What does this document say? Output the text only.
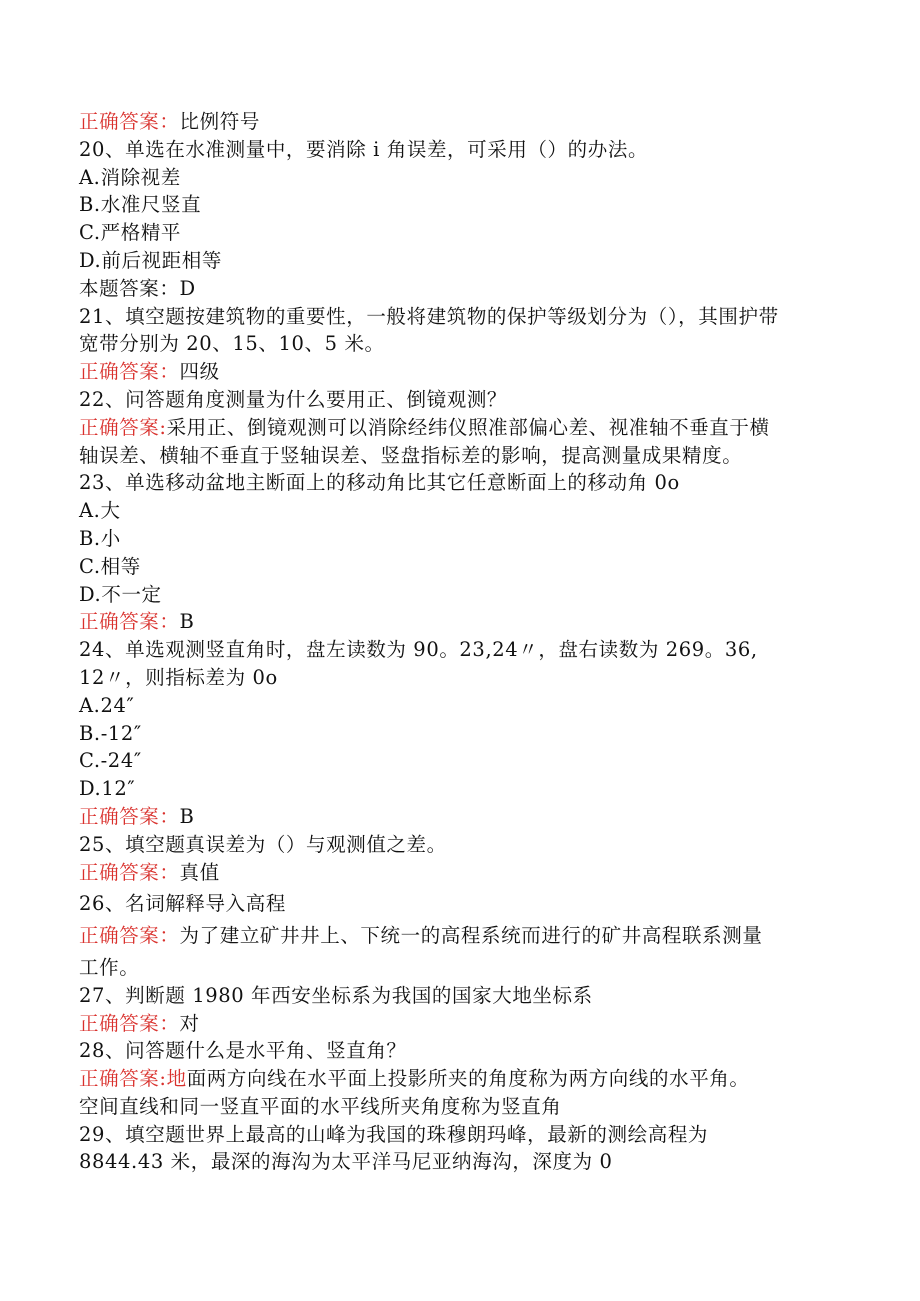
正确答案：比例符号

20、单选在水准测量中，要消除 i 角误差，可采用（）的办法。

A.消除视差

B.水准尺竖直

C.严格精平

D.前后视距相等

本题答案：D

21、填空题按建筑物的重要性，一般将建筑物的保护等级划分为（），其围护带

宽带分别为 20、15、10、5 米。

正确答案：四级

22、问答题角度测量为什么要用正、倒镜观测？

正确答案:采用正、倒镜观测可以消除经纬仪照准部偏心差、视准轴不垂直于横

轴误差、横轴不垂直于竖轴误差、竖盘指标差的影响，提高测量成果精度。

23、单选移动盆地主断面上的移动角比其它任意断面上的移动角 0o

A.大

B.小

C.相等

D.不一定

正确答案：B

24、单选观测竖直角时，盘左读数为 90。23,24〃，盘右读数为 269。36,

12〃，则指标差为 0o

A.24″

B.-12″

C.-24″

D.12″

正确答案：B

25、填空题真误差为（）与观测值之差。

正确答案：真值

26、名词解释导入高程

正确答案：为了建立矿井井上、下统一的高程系统而进行的矿井高程联系测量

工作。

27、判断题 1980 年西安坐标系为我国的国家大地坐标系

正确答案：对

28、问答题什么是水平角、竖直角？

正确答案:地面两方向线在水平面上投影所夹的角度称为两方向线的水平角。

空间直线和同一竖直平面的水平线所夹角度称为竖直角

29、填空题世界上最高的山峰为我国的珠穆朗玛峰，最新的测绘高程为

8844.43 米，最深的海沟为太平洋马尼亚纳海沟，深度为 0
